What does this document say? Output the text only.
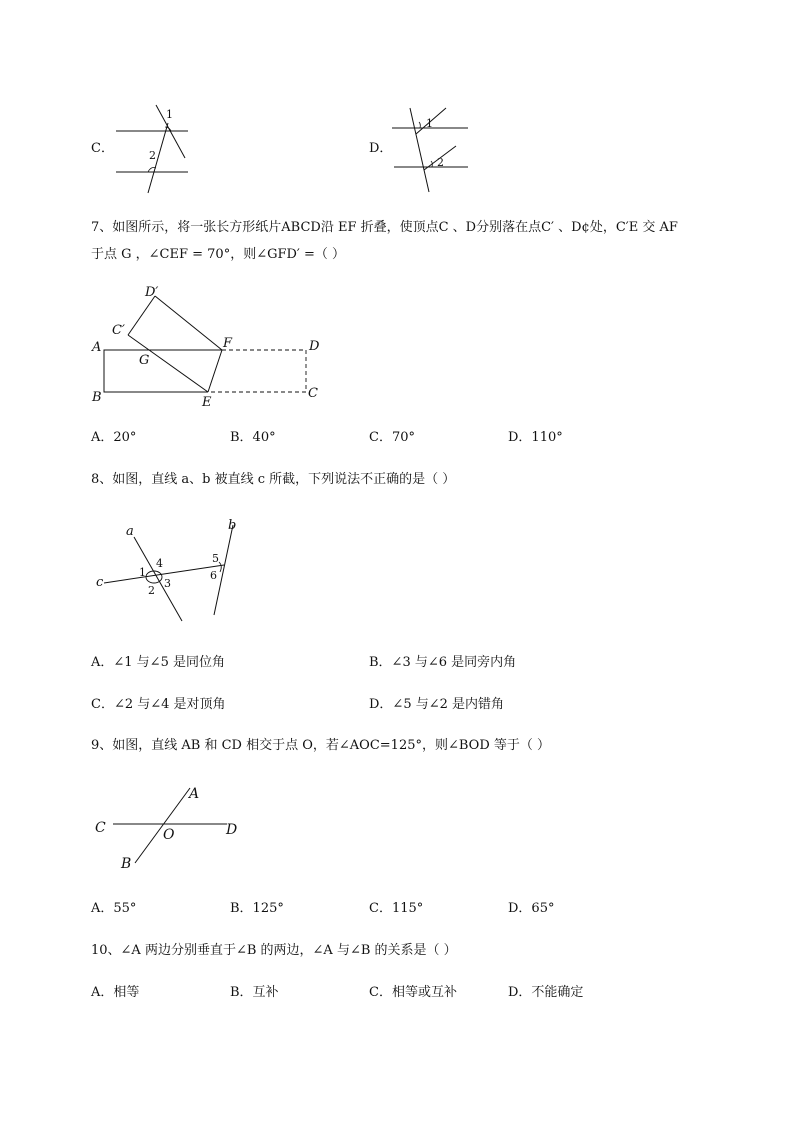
C．
1
2	D．
1
2
7、如图所示，将一张长方形纸片ABCD沿 EF 折叠，使顶点C 、D分别落在点C′ 、D¢处，C′E 交 AF
于点 G ，∠CEF = 70°，则∠GFD′ =（ ）
D′
C′
A
G
F	D
B	E
C
A．20°	B．40°	C．70°	D．110°
8、如图，直线 a、b 被直线 c 所截，下列说法不正确的是（ ）
a	b
c
1
2
3
4	5
6
A．∠1 与∠5 是同位角	B．∠3 与∠6 是同旁内角
C．∠2 与∠4 是对顶角	D．∠5 与∠2 是内错角
9、如图，直线 AB 和 CD 相交于点 O，若∠AOC=125°，则∠BOD 等于（ ）
C	D
A
B
O
A．55°	B．125°	C．115°	D．65°
10、∠A 两边分别垂直于∠B 的两边，∠A 与∠B 的关系是（ ）
A．相等	B．互补	C．相等或互补	D．不能确定
